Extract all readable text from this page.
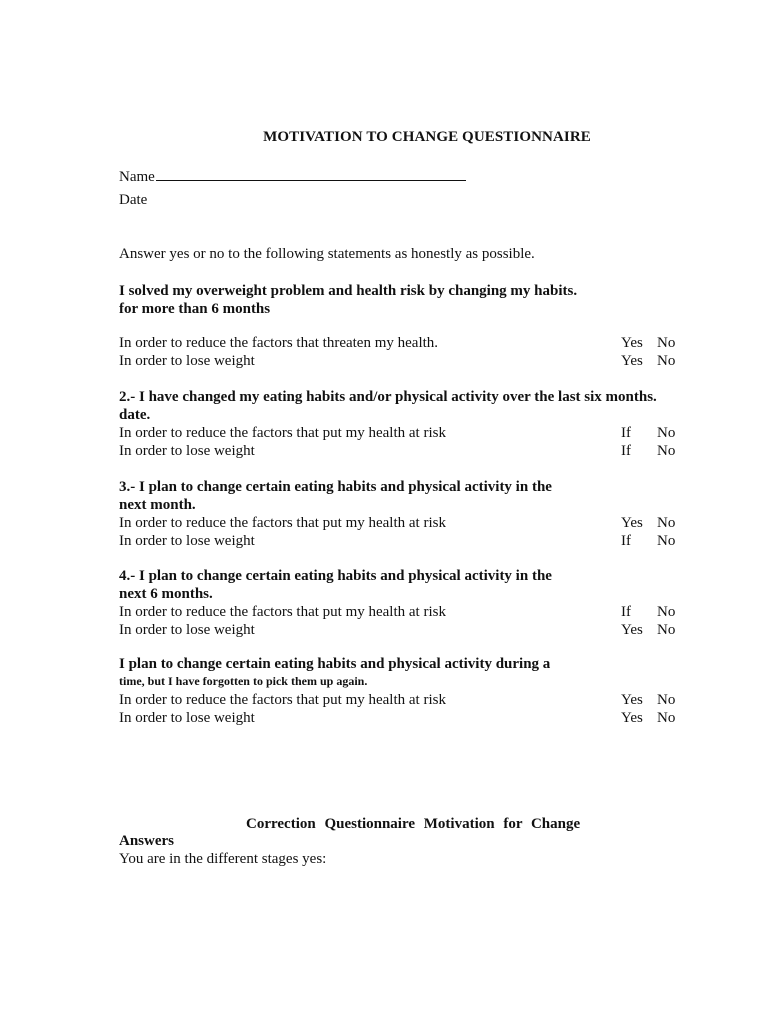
MOTIVATION TO CHANGE QUESTIONNAIRE
Name
Date
Answer yes or no to the following statements as honestly as possible.
I solved my overweight problem and health risk by changing my habits.
for more than 6 months
In order to reduce the factors that threaten my health.	Yes No
In order to lose weight	Yes No
2.- I have changed my eating habits and/or physical activity over the last six months.
date.
In order to reduce the factors that put my health at risk	If No
In order to lose weight	If No
3.- I plan to change certain eating habits and physical activity in the
next month.
In order to reduce the factors that put my health at risk	Yes No
In order to lose weight	If No
4.- I plan to change certain eating habits and physical activity in the
next 6 months.
In order to reduce the factors that put my health at risk	If No
In order to lose weight	Yes No
I plan to change certain eating habits and physical activity during a
time, but I have forgotten to pick them up again.
In order to reduce the factors that put my health at risk	Yes No
In order to lose weight	Yes No
Correction Questionnaire Motivation for Change
Answers
You are in the different stages yes:
